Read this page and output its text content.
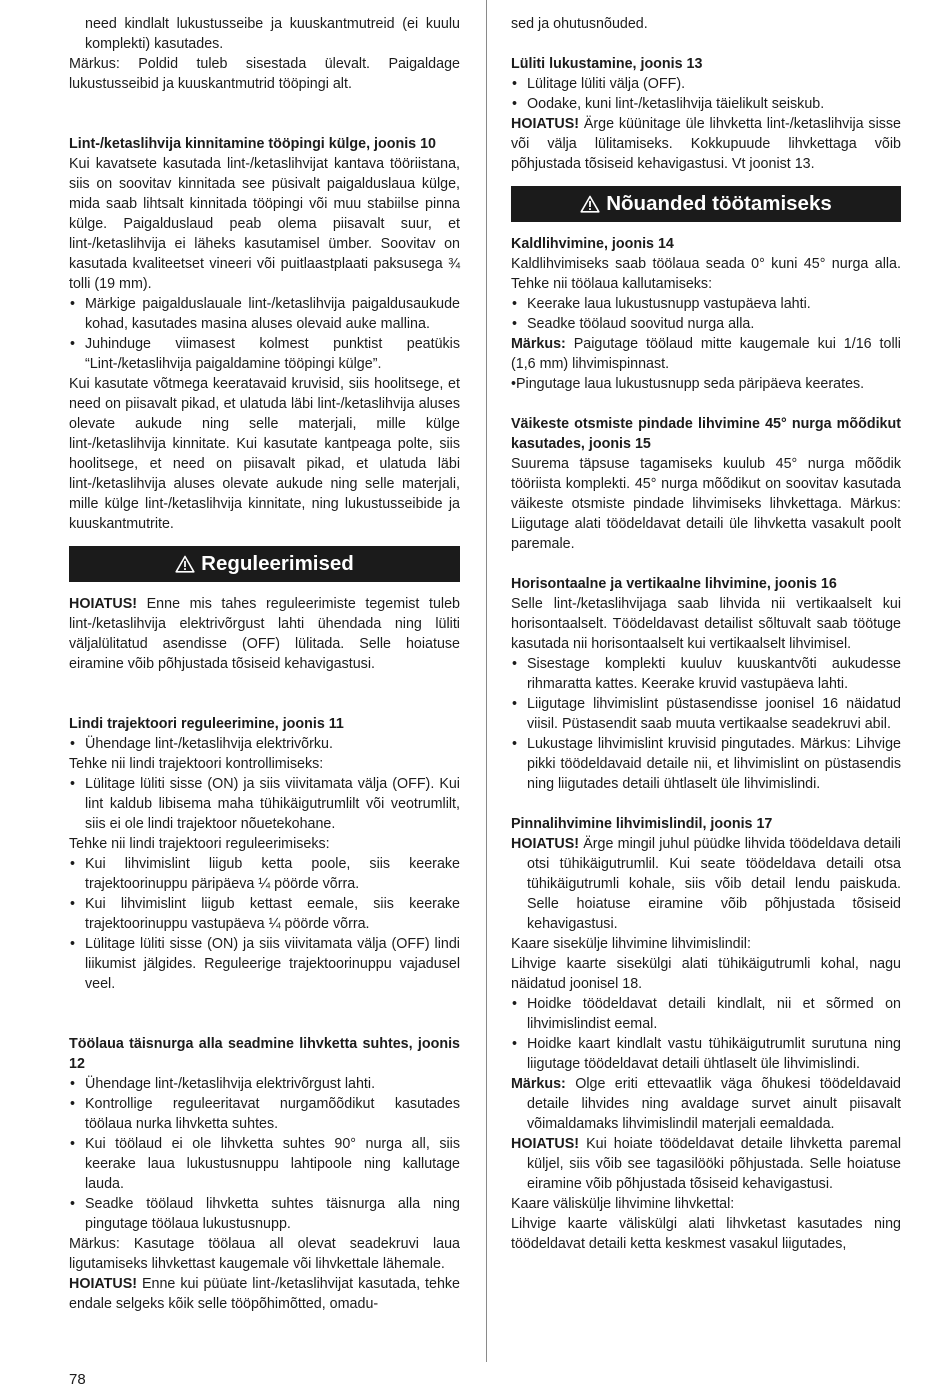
need kindlalt lukustusseibe ja kuuskantmutreid (ei kuulu komplekti) kasutades.

Märkus: Poldid tuleb sisestada ülevalt. Paigaldage lukustusseibid ja kuuskantmutrid tööpingi alt.

Lint-/ketaslihvija kinnitamine tööpingi külge, joonis 10

Kui kavatsete kasutada lint-/ketaslihvijat kantava tööriistana, siis on soovitav kinnitada see püsivalt paigalduslaua külge, mida saab lihtsalt kinnitada tööpingi või muu stabiilse pinna külge. Paigalduslaud peab olema piisavalt suur, et lint-/ketaslihvija ei läheks kasutamisel ümber. Soovitav on kasutada kvaliteetset vineeri või puitlaastplaati paksusega ¾ tolli (19 mm).

• Märkige paigalduslauale lint-/ketaslihvija paigaldusaukude kohad, kasutades masina aluses olevaid auke mallina.
• Juhinduge viimasest kolmest punktist peatükis “Lint-/ketaslihvija paigaldamine tööpingi külge”.

Kui kasutate võtmega keeratavaid kruvisid, siis hoolitsege, et need on piisavalt pikad, et ulatuda läbi lint-/ketaslihvija aluses olevate aukude ning selle materjali, mille külge lint-/ketaslihvija kinnitate. Kui kasutate kantpeaga polte, siis hoolitsege, et need on piisavalt pikad, et ulatuda läbi lint-/ketaslihvija aluses olevate aukude ning selle materjali, mille külge lint-/ketaslihvija kinnitate, ning lukustusseibide ja kuuskantmutrite.

Reguleerimised

HOIATUS! Enne mis tahes reguleerimiste tegemist tuleb lint-/ketaslihvija elektrivõrgust lahti ühendada ning lüliti väljalülitatud asendisse (OFF) lülitada. Selle hoiatuse eiramine võib põhjustada tõsiseid kehavigastusi.

Lindi trajektoori reguleerimine, joonis 11

• Ühendage lint-/ketaslihvija elektrivõrku.

Tehke nii lindi trajektoori kontrollimiseks:

• Lülitage lüliti sisse (ON) ja siis viivitamata välja (OFF). Kui lint kaldub libisema maha tühikäigutrumlilt või veotrumlilt, siis ei ole lindi trajektoor nõuetekohane.

Tehke nii lindi trajektoori reguleerimiseks:

• Kui lihvimislint liigub ketta poole, siis keerake trajektoorinuppu päripäeva ¼ pöörde võrra.
• Kui lihvimislint liigub kettast eemale, siis keerake trajektoorinuppu vastupäeva ¼ pöörde võrra.
• Lülitage lüliti sisse (ON) ja siis viivitamata välja (OFF) lindi liikumist jälgides. Reguleerige trajektoorinuppu vajadusel veel.

Töölaua täisnurga alla seadmine lihvketta suhtes, joonis 12

• Ühendage lint-/ketaslihvija elektrivõrgust lahti.
• Kontrollige reguleeritavat nurgamõõdikut kasutades töölaua nurka lihvketta suhtes.
• Kui töölaud ei ole lihvketta suhtes 90° nurga all, siis keerake laua lukustusnuppu lahtipoole ning kallutage lauda.
• Seadke töölaud lihvketta suhtes täisnurga alla ning pingutage töölaua lukustusnupp.

Märkus: Kasutage töölaua all olevat seadekruvi laua ligutamiseks lihvkettast kaugemale või lihvkettale lähemale.

HOIATUS! Enne kui püüate lint-/ketaslihvijat kasutada, tehke endale selgeks kõik selle tööpõhimõtted, omadu-

sed ja ohutusnõuded.

Lüliti lukustamine, joonis 13

• Lülitage lüliti välja (OFF).
• Oodake, kuni lint-/ketaslihvija täielikult seiskub.

HOIATUS! Ärge küünitage üle lihvketta lint-/ketaslihvija sisse või välja lülitamiseks. Kokkupuude lihvkettaga võib põhjustada tõsiseid kehavigastusi. Vt joonist 13.

Nõuanded töötamiseks

Kaldlihvimine, joonis 14

Kaldlihvimiseks saab töölaua seada 0° kuni 45° nurga alla. Tehke nii töölaua kallutamiseks:

• Keerake laua lukustusnupp vastupäeva lahti.
• Seadke töölaud soovitud nurga alla.

Märkus: Paigutage töölaud mitte kaugemale kui 1/16 tolli (1,6 mm) lihvimispinnast.

•Pingutage laua lukustusnupp seda päripäeva keerates.

Väikeste otsmiste pindade lihvimine 45° nurga mõõdikut kasutades, joonis 15

Suurema täpsuse tagamiseks kuulub 45° nurga mõõdik tööriista komplekti. 45° nurga mõõdikut on soovitav kasutada väikeste otsmiste pindade lihvimiseks lihvkettaga. Märkus: Liigutage alati töödeldavat detaili üle lihvketta vasakult poolt paremale.

Horisontaalne ja vertikaalne lihvimine, joonis 16

Selle lint-/ketaslihvijaga saab lihvida nii vertikaalselt kui horisontaalselt. Töödeldavast detailist sõltuvalt saab töötuge kasutada nii horisontaalselt kui vertikaalselt lihvimisel.

• Sisestage komplekti kuuluv kuuskantvõti aukudesse rihmaratta kattes. Keerake kruvid vastupäeva lahti.
• Liigutage lihvimislint püstasendisse joonisel 16 näidatud viisil. Püstasendit saab muuta vertikaalse seadekruvi abil.
• Lukustage lihvimislint kruvisid pingutades. Märkus: Lihvige pikki töödeldavaid detaile nii, et lihvimislint on püstasendis ning liigutades detaili ühtlaselt üle lihvimislindi.

Pinnalihvimine lihvimislindil, joonis 17

HOIATUS! Ärge mingil juhul püüdke lihvida töödeldava detaili otsi tühikäigutrumlil. Kui seate töödeldava detaili otsa tühikäigutrumli kohale, siis võib detail lendu paiskuda. Selle hoiatuse eiramine võib põhjustada tõsiseid kehavigastusi.

Kaare sisekülje lihvimine lihvimislindil:

Lihvige kaarte sisekülgi alati tühikäigutrumli kohal, nagu näidatud joonisel 18.

• Hoidke töödeldavat detaili kindlalt, nii et sõrmed on lihvimislindist eemal.
• Hoidke kaart kindlalt vastu tühikäigutrumlit surutuna ning liigutage töödeldavat detaili ühtlaselt üle lihvimislindi.

Märkus: Olge eriti ettevaatlik väga õhukesi töödeldavaid detaile lihvides ning avaldage survet ainult piisavalt võimaldamaks lihvimislindil materjali eemaldada.

HOIATUS! Kui hoiate töödeldavat detaile lihvketta paremal küljel, siis võib see tagasilööki põhjustada. Selle hoiatuse eiramine võib põhjustada tõsiseid kehavigastusi.

Kaare väliskülje lihvimine lihvkettal:

Lihvige kaarte väliskülgi alati lihvketast kasutades ning töödeldavat detaili ketta keskmest vasakul liigutades,

78
